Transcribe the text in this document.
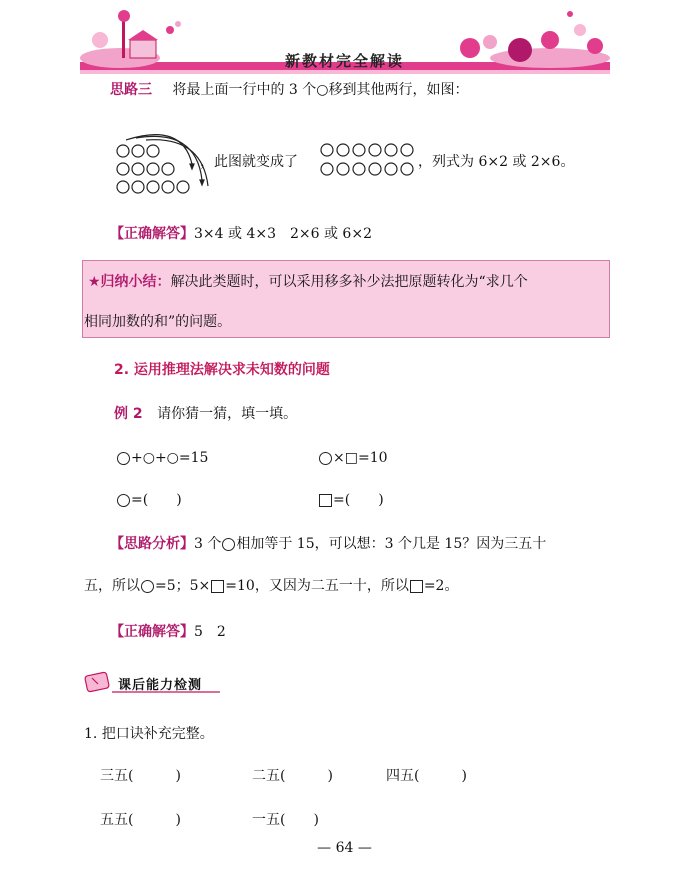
新教材完全解读
思路三 将最上面一行中的 3 个○移到其他两行，如图：
，此图就变成了	，列式为 6×2 或 2×6。
【正确解答】3×4 或 4×3　2×6 或 6×2
★归纳小结：解决此类题时，可以采用移多补少法把原题转化为“求几个
相同加数的和”的问题。
2. 运用推理法解决求未知数的问题
例 2 请你猜一猜，填一填。
+○+○=15	×□=10
=(　　)	=(　　)
【思路分析】3 个 相加等于 15，可以想：3 个几是 15？因为三五十
五，所以 =5；5× =10，又因为二五一十，所以 =2。
【正确解答】5　2
课后能力检测
1. 把口诀补充完整。
三五(　　　)	二五(　　　)	四五(　　　)
五五(　　　)	一五(　　)
— 64 —
